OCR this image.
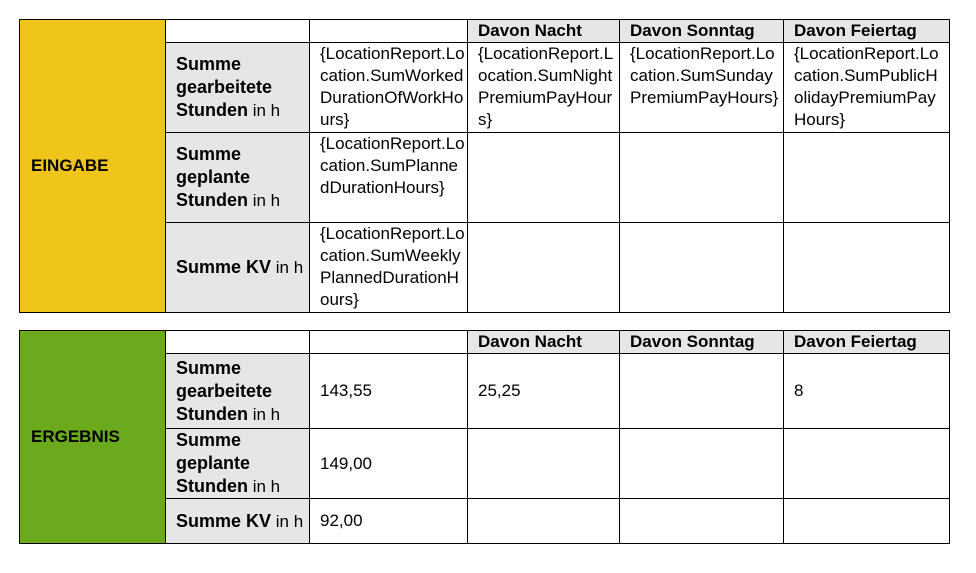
EINGABE			Davon Nacht	Davon Sonntag	Davon Feiertag
	Summe gearbeitete Stunden in h	{LocationReport.Location.SumWorkedDurationOfWorkHours}	{LocationReport.Location.SumNightPremiumPayHours}	{LocationReport.Location.SumSundayPremiumPayHours}	{LocationReport.Location.SumPublicHolidayPremiumPayHours}
	Summe geplante Stunden in h	{LocationReport.Location.SumPlannedDurationHours}			
	Summe KV in h	{LocationReport.Location.SumWeeklyPlannedDurationHours}			
ERGEBNIS			Davon Nacht	Davon Sonntag	Davon Feiertag
	Summe gearbeitete Stunden in h	143,55	25,25		8
	Summe geplante Stunden in h	149,00			
	Summe KV in h	92,00			
